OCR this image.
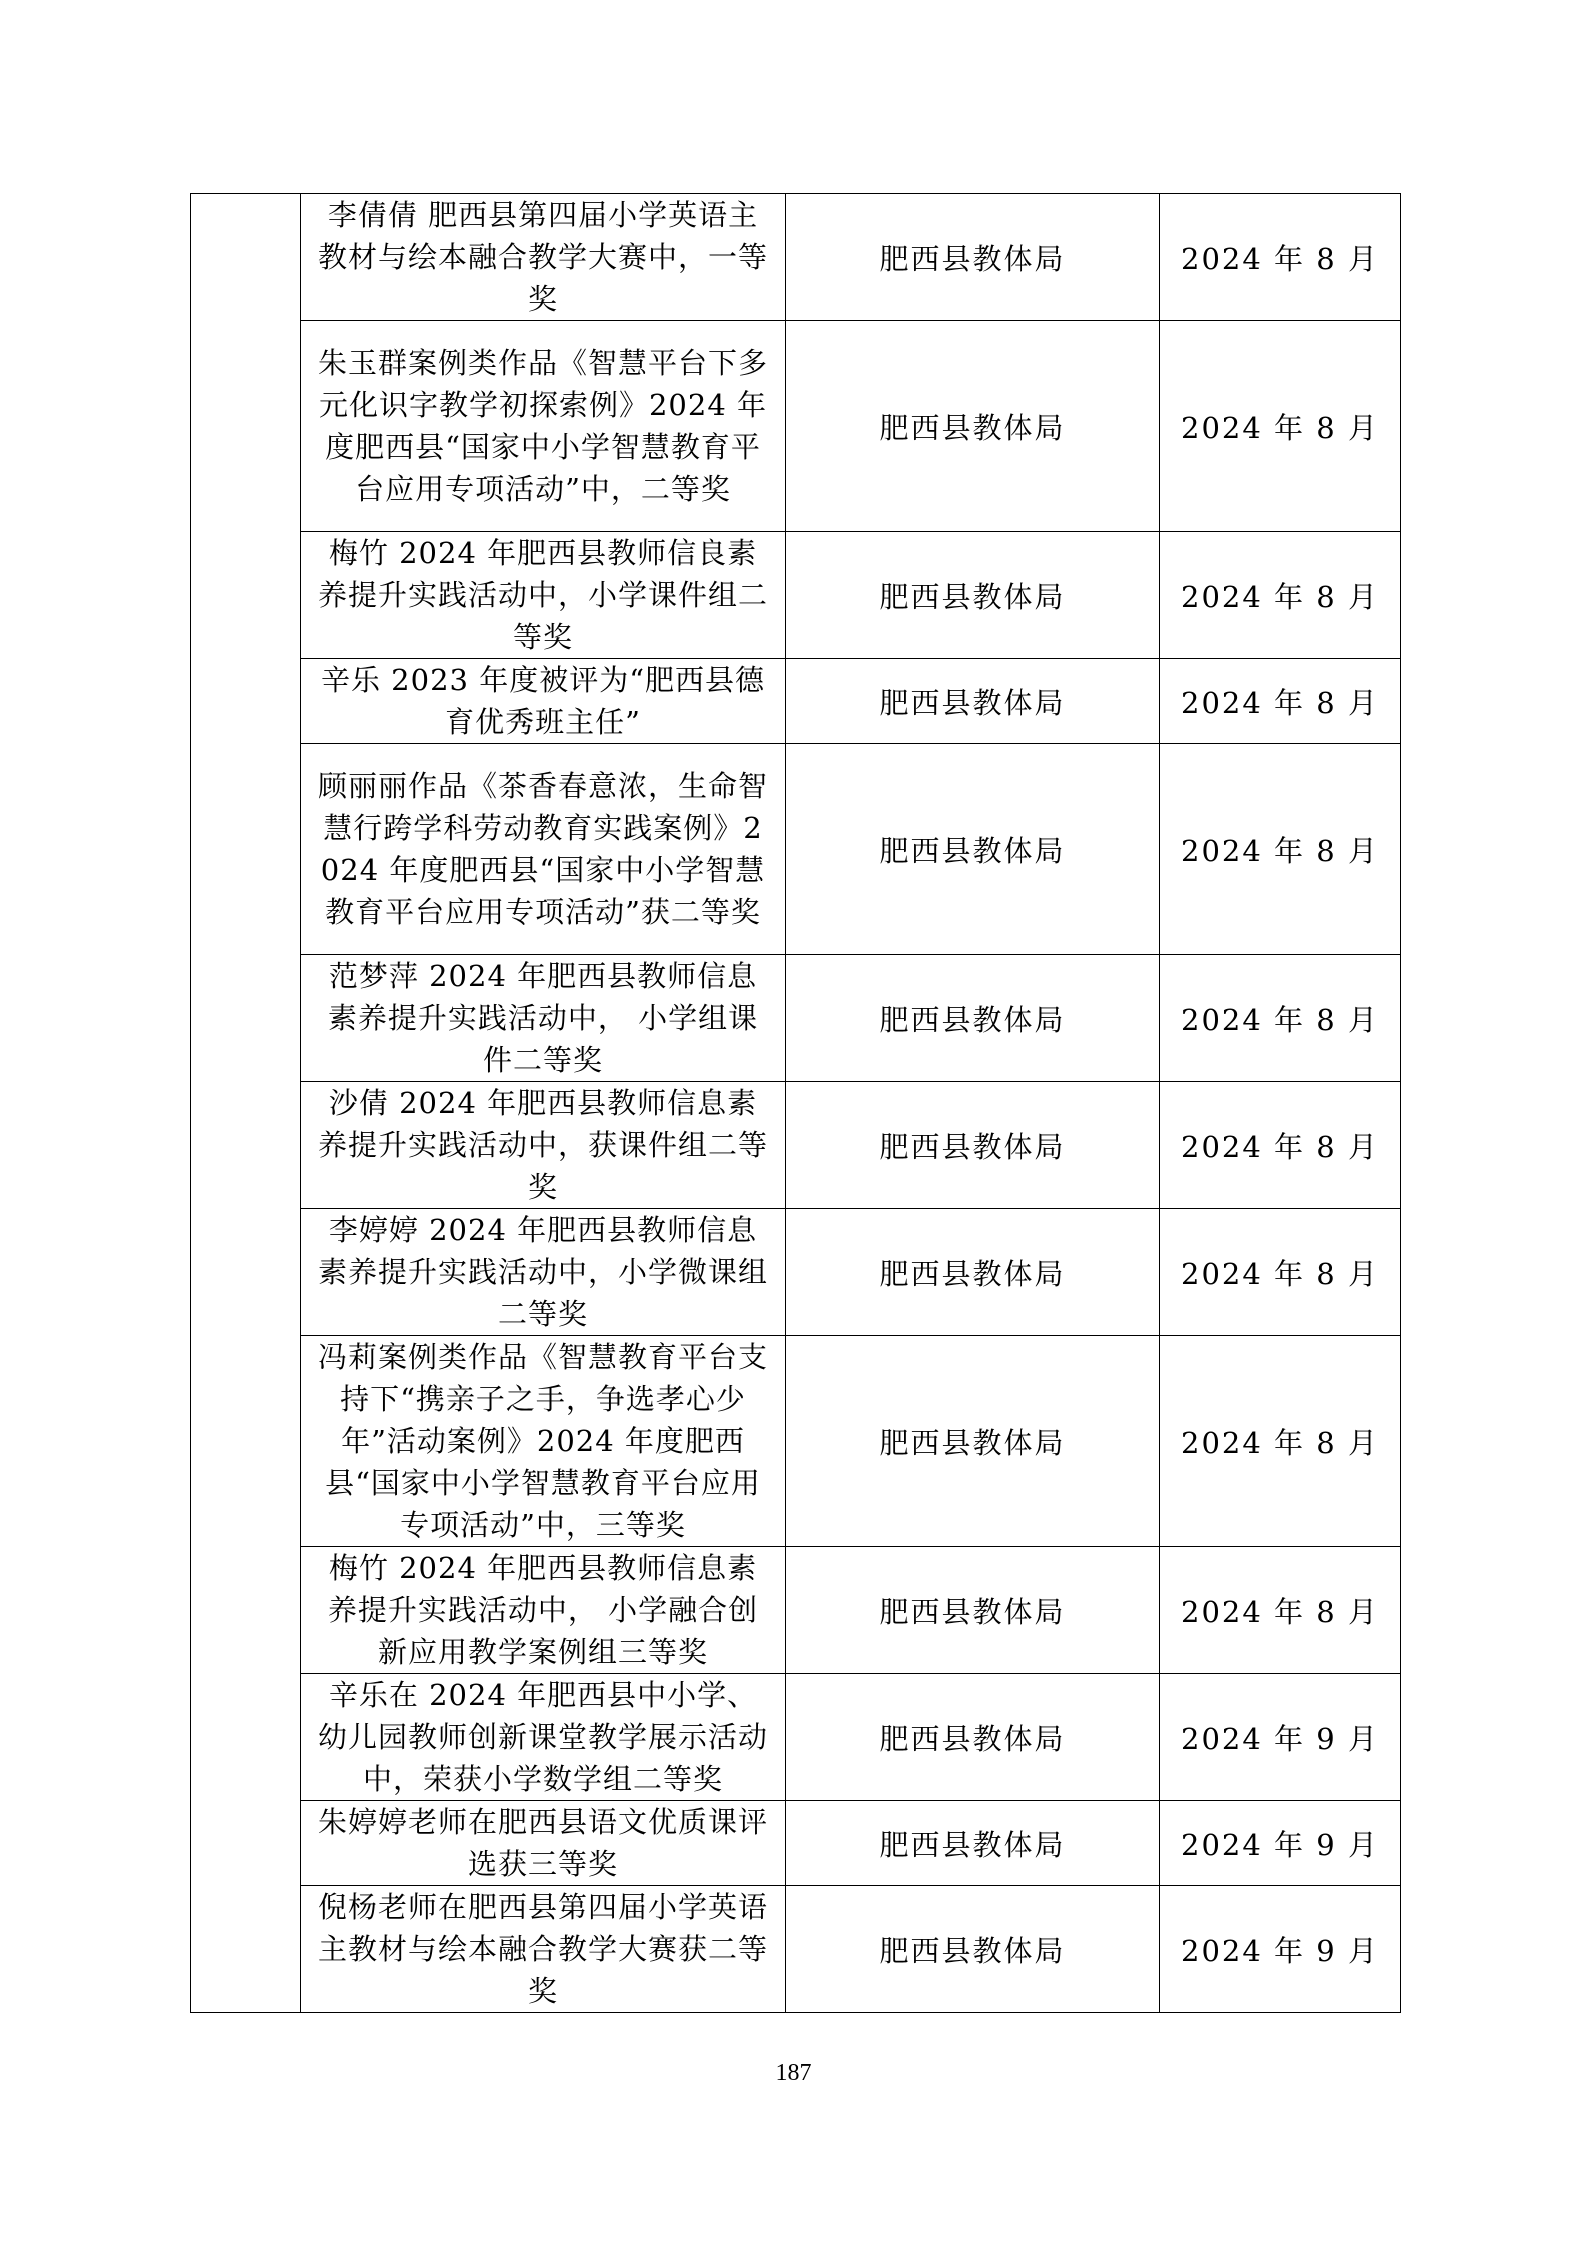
	李倩倩 肥西县第四届小学英语主教材与绘本融合教学大赛中，一等奖	肥西县教体局	2024 年 8 月
	朱玉群案例类作品《智慧平台下多元化识字教学初探索例》2024 年度肥西县“国家中小学智慧教育平台应用专项活动”中，二等奖	肥西县教体局	2024 年 8 月
	梅竹 2024 年肥西县教师信良素养提升实践活动中，小学课件组二等奖	肥西县教体局	2024 年 8 月
	辛乐 2023 年度被评为“肥西县德育优秀班主任”	肥西县教体局	2024 年 8 月
	顾丽丽作品《茶香春意浓，生命智慧行跨学科劳动教育实践案例》2024 年度肥西县“国家中小学智慧教育平台应用专项活动”获二等奖	肥西县教体局	2024 年 8 月
	范梦萍 2024 年肥西县教师信息素养提升实践活动中， 小学组课件二等奖	肥西县教体局	2024 年 8 月
	沙倩 2024 年肥西县教师信息素养提升实践活动中，获课件组二等奖	肥西县教体局	2024 年 8 月
	李婷婷 2024 年肥西县教师信息素养提升实践活动中，小学微课组二等奖	肥西县教体局	2024 年 8 月
	冯莉案例类作品《智慧教育平台支持下“携亲子之手，争选孝心少年”活动案例》2024 年度肥西县“国家中小学智慧教育平台应用专项活动”中，三等奖	肥西县教体局	2024 年 8 月
	梅竹 2024 年肥西县教师信息素养提升实践活动中， 小学融合创新应用教学案例组三等奖	肥西县教体局	2024 年 8 月
	辛乐在 2024 年肥西县中小学、幼儿园教师创新课堂教学展示活动中，荣获小学数学组二等奖	肥西县教体局	2024 年 9 月
	朱婷婷老师在肥西县语文优质课评选获三等奖	肥西县教体局	2024 年 9 月
	倪杨老师在肥西县第四届小学英语主教材与绘本融合教学大赛获二等奖	肥西县教体局	2024 年 9 月
187
